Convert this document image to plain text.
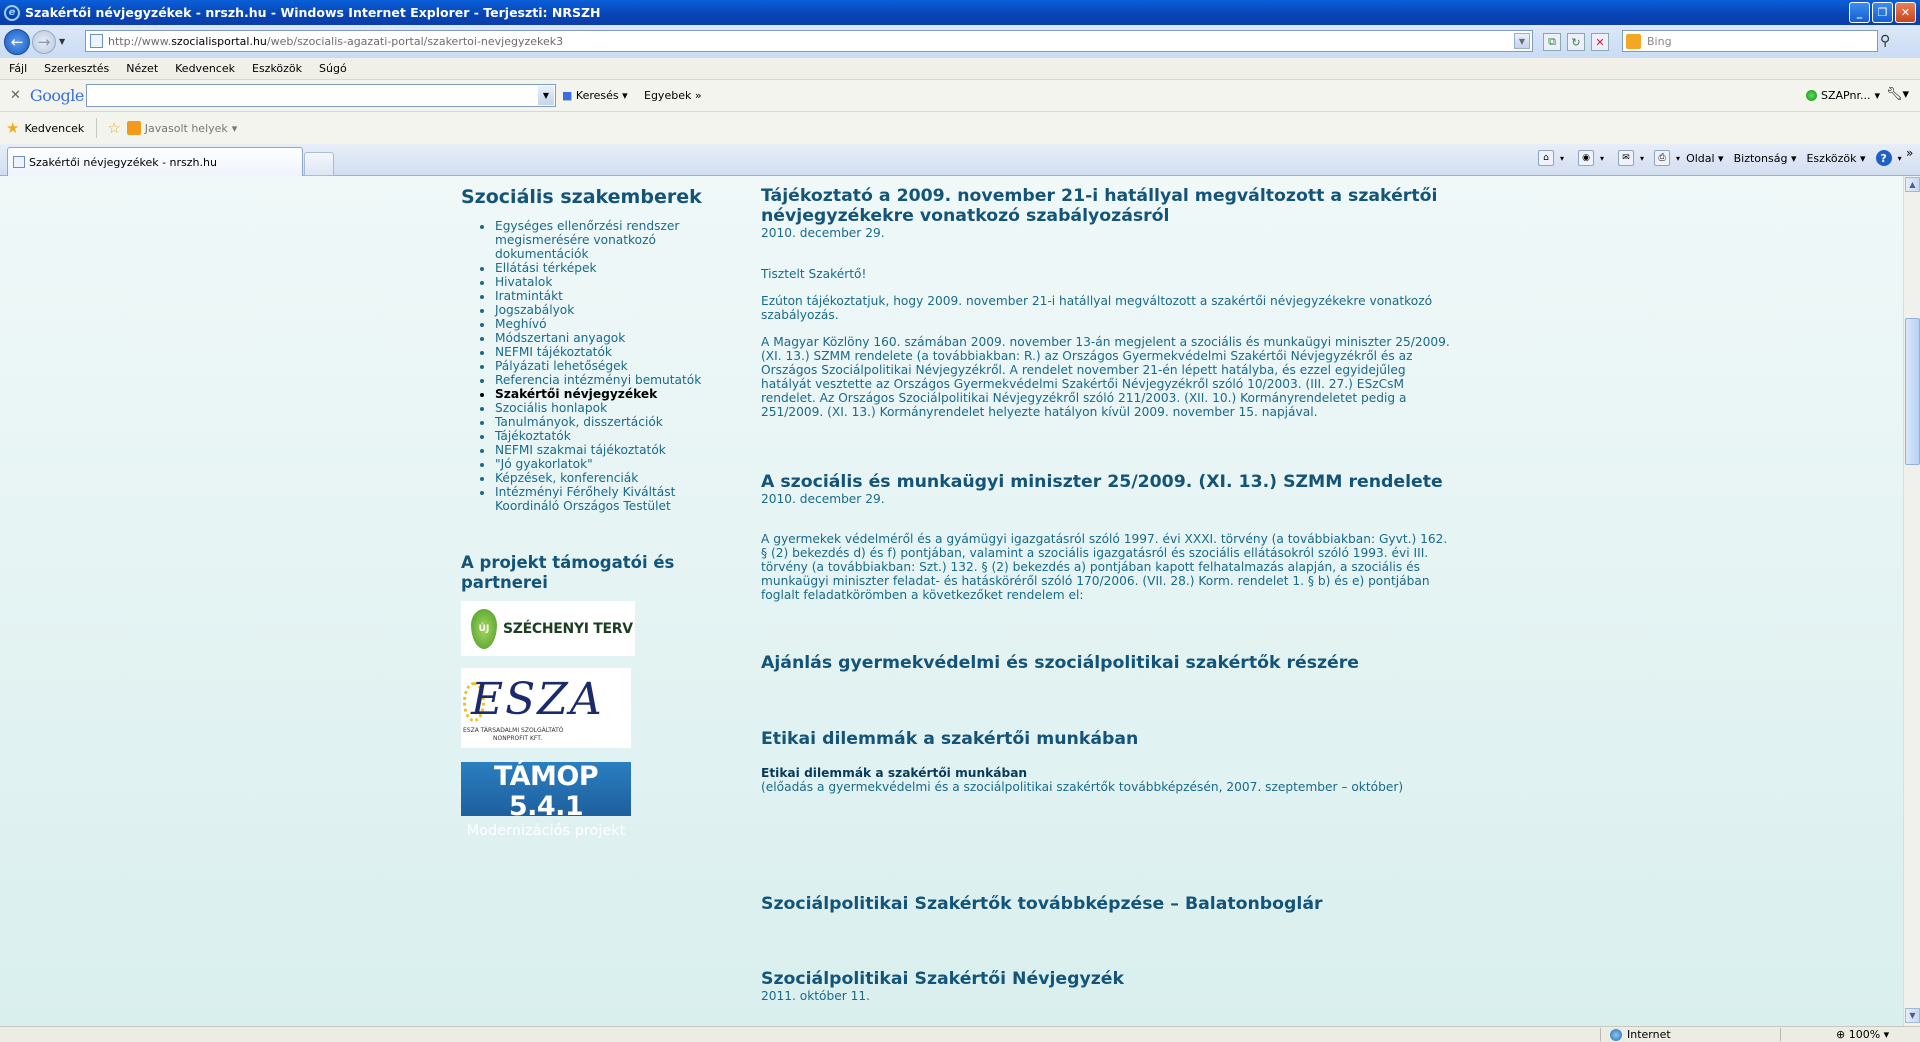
e Szakértői névjegyzékek - nrszh.hu - Windows Internet Explorer - Terjeszti: NRSZH	_	❐	✕
← →	▼	http://www. szocialisportal.hu /web/szocialis-agazati-portal/szakertoi-nevjegyzekek3	▼	⧉	↻	✕	Bing	⚲
Fájl Szerkesztés Nézet Kedvencek Eszközök Súgó
✕ Google	▼	■ Keresés ▾ Egyebek »	SZAPnr... ▾ 🔧︎▾
★ Kedvencek ☆ Javasolt helyek ▾
Szakértői névjegyzékek - nrszh.hu	⌂	▾	◉	▾	✉	▾	⎙	▾ Oldal ▾ Biztonság ▾ Eszközök ▾	?	▾ »
Szociális szakemberek
• Egységes ellenőrzési rendszer megismerésére vonatkozó dokumentációk
• Ellátási térképek
• Hivatalok
• Iratmintákt
• Jogszabályok
• Meghívó
• Módszertani anyagok
• NEFMI tájékoztatók
• Pályázati lehetőségek
• Referencia intézményi bemutatók
• Szakértői névjegyzékek
• Szociális honlapok
• Tanulmányok, disszertációk
• Tájékoztatók
• NEFMI szakmai tájékoztatók
• "Jó gyakorlatok"
• Képzések, konferenciák
• Intézményi Férőhely Kiváltást Koordináló Országos Testület
A projekt támogatói és partnerei
ÚJ SZÉCHENYI TERV
ESZA
ESZA TÁRSADALMI SZOLGÁLTATÓ
NONPROFIT KFT.
TÁMOP 5.4.1
Modernizációs projekt
Tájékoztató a 2009. november 21-i hatállyal megváltozott a szakértői névjegyzékekre vonatkozó szabályozásról
2010. december 29.

Tisztelt Szakértő!

Ezúton tájékoztatjuk, hogy 2009. november 21-i hatállyal megváltozott a szakértői névjegyzékekre vonatkozó szabályozás.

A Magyar Közlöny 160. számában 2009. november 13-án megjelent a szociális és munkaügyi miniszter 25/2009. (XI. 13.) SZMM rendelete (a továbbiakban: R.) az Országos Gyermekvédelmi Szakértői Névjegyzékről és az Országos Szociálpolitikai Névjegyzékről. A rendelet november 21-én lépett hatályba, és ezzel egyidejűleg hatályát vesztette az Országos Gyermekvédelmi Szakértői Névjegyzékről szóló 10/2003. (III. 27.) ESzCsM rendelet. Az Országos Szociálpolitikai Névjegyzékről szóló 211/2003. (XII. 10.) Kormányrendeletet pedig a 251/2009. (XI. 13.) Kormányrendelet helyezte hatályon kívül 2009. november 15. napjával.

A szociális és munkaügyi miniszter 25/2009. (XI. 13.) SZMM rendelete
2010. december 29.

A gyermekek védelméről és a gyámügyi igazgatásról szóló 1997. évi XXXI. törvény (a továbbiakban: Gyvt.) 162. § (2) bekezdés d) és f) pontjában, valamint a szociális igazgatásról és szociális ellátásokról szóló 1993. évi III. törvény (a továbbiakban: Szt.) 132. § (2) bekezdés a) pontjában kapott felhatalmazás alapján, a szociális és munkaügyi miniszter feladat- és hatásköréről szóló 170/2006. (VII. 28.) Korm. rendelet 1. § b) és e) pontjában foglalt feladatkörömben a következőket rendelem el:

Ajánlás gyermekvédelmi és szociálpolitikai szakértők részére
Etikai dilemmák a szakértői munkában
Etikai dilemmák a szakértői munkában
(előadás a gyermekvédelmi és a szociálpolitikai szakértők továbbképzésén, 2007. szeptember – október)
Szociálpolitikai Szakértők továbbképzése – Balatonboglár
Szociálpolitikai Szakértői Névjegyzék
2011. október 11.
▲
▼
Internet	⊕ 100% ▾
